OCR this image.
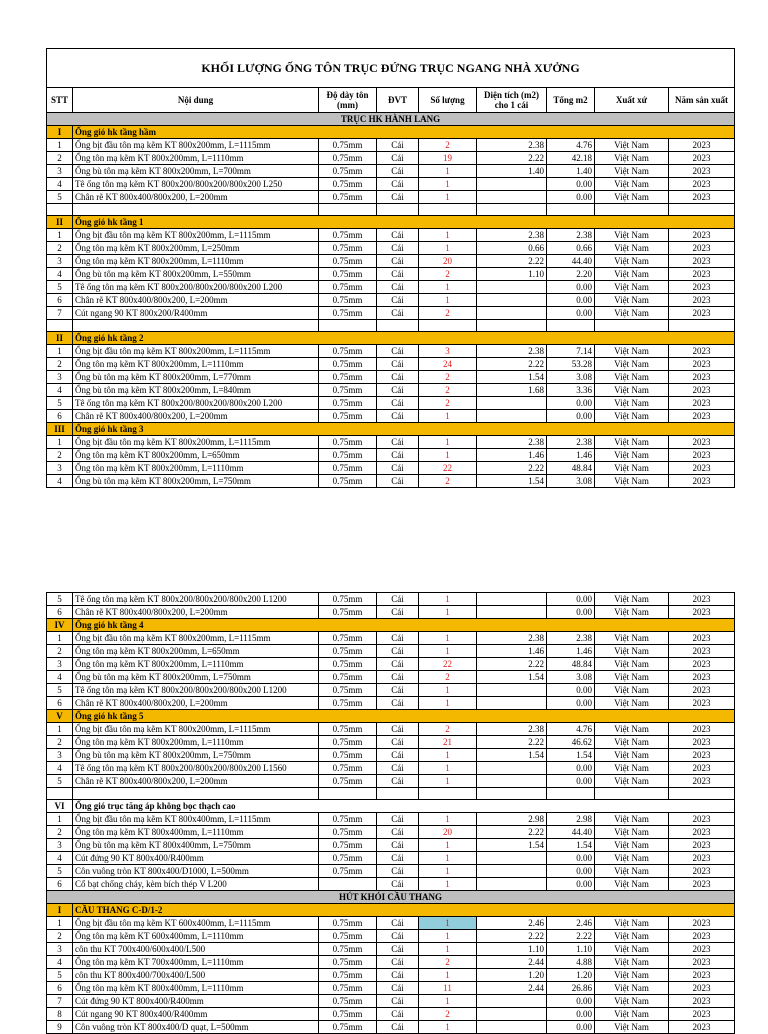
KHỐI LƯỢNG ỐNG TÔN TRỤC ĐỨNG TRỤC NGANG NHÀ XƯỞNG								
STT	Nội dung	Độ dày tôn (mm)	ĐVT	Số lượng	Diện tích (m2) cho 1 cái	Tổng m2	Xuất xứ	Năm sản xuất
TRỤC HK HÀNH LANG								
I	Ống gió hk tầng hầm							
1	Ống bịt đầu tôn mạ kẽm KT 800x200mm, L=1115mm	0.75mm	Cái	2	2.38	4.76	Việt Nam	2023
2	Ống tôn mạ kẽm KT 800x200mm, L=1110mm	0.75mm	Cái	19	2.22	42.18	Việt Nam	2023
3	Ống bù tôn mạ kẽm KT 800x200mm, L=700mm	0.75mm	Cái	1	1.40	1.40	Việt Nam	2023
4	Tê ống tôn mạ kẽm KT 800x200/800x200/800x200 L250	0.75mm	Cái	1		0.00	Việt Nam	2023
5	Chân rẽ KT 800x400/800x200, L=200mm	0.75mm	Cái	1		0.00	Việt Nam	2023

II	Ống gió hk tầng 1							
1	Ống bịt đầu tôn mạ kẽm KT 800x200mm, L=1115mm	0.75mm	Cái	1	2.38	2.38	Việt Nam	2023
2	Ống tôn mạ kẽm KT 800x200mm, L=250mm	0.75mm	Cái	1	0.66	0.66	Việt Nam	2023
3	Ống tôn mạ kẽm KT 800x200mm, L=1110mm	0.75mm	Cái	20	2.22	44.40	Việt Nam	2023
4	Ống bù tôn mạ kẽm KT 800x200mm, L=550mm	0.75mm	Cái	2	1.10	2.20	Việt Nam	2023
5	Tê ống tôn mạ kẽm KT 800x200/800x200/800x200 L200	0.75mm	Cái	1		0.00	Việt Nam	2023
6	Chân rẽ KT 800x400/800x200, L=200mm	0.75mm	Cái	1		0.00	Việt Nam	2023
7	Cút ngang 90 KT 800x200/R400mm	0.75mm	Cái	2		0.00	Việt Nam	2023

II	Ống gió hk tầng 2							
1	Ống bịt đầu tôn mạ kẽm KT 800x200mm, L=1115mm	0.75mm	Cái	3	2.38	7.14	Việt Nam	2023
2	Ống tôn mạ kẽm KT 800x200mm, L=1110mm	0.75mm	Cái	24	2.22	53.28	Việt Nam	2023
3	Ống bù tôn mạ kẽm KT 800x200mm, L=770mm	0.75mm	Cái	2	1.54	3.08	Việt Nam	2023
4	Ống bù tôn mạ kẽm KT 800x200mm, L=840mm	0.75mm	Cái	2	1.68	3.36	Việt Nam	2023
5	Tê ống tôn mạ kẽm KT 800x200/800x200/800x200 L200	0.75mm	Cái	2		0.00	Việt Nam	2023
6	Chân rẽ KT 800x400/800x200, L=200mm	0.75mm	Cái	1		0.00	Việt Nam	2023
III	Ống gió hk tầng 3							
1	Ống bịt đầu tôn mạ kẽm KT 800x200mm, L=1115mm	0.75mm	Cái	1	2.38	2.38	Việt Nam	2023
2	Ống tôn mạ kẽm KT 800x200mm, L=650mm	0.75mm	Cái	1	1.46	1.46	Việt Nam	2023
3	Ống tôn mạ kẽm KT 800x200mm, L=1110mm	0.75mm	Cái	22	2.22	48.84	Việt Nam	2023
4	Ống bù tôn mạ kẽm KT 800x200mm, L=750mm	0.75mm	Cái	2	1.54	3.08	Việt Nam	2023
5	Tê ống tôn mạ kẽm KT 800x200/800x200/800x200 L1200	0.75mm	Cái	1		0.00	Việt Nam	2023
6	Chân rẽ KT 800x400/800x200, L=200mm	0.75mm	Cái	1		0.00	Việt Nam	2023
IV	Ống gió hk tầng 4							
1	Ống bịt đầu tôn mạ kẽm KT 800x200mm, L=1115mm	0.75mm	Cái	1	2.38	2.38	Việt Nam	2023
2	Ống tôn mạ kẽm KT 800x200mm, L=650mm	0.75mm	Cái	1	1.46	1.46	Việt Nam	2023
3	Ống tôn mạ kẽm KT 800x200mm, L=1110mm	0.75mm	Cái	22	2.22	48.84	Việt Nam	2023
4	Ống bù tôn mạ kẽm KT 800x200mm, L=750mm	0.75mm	Cái	2	1.54	3.08	Việt Nam	2023
5	Tê ống tôn mạ kẽm KT 800x200/800x200/800x200 L1200	0.75mm	Cái	1		0.00	Việt Nam	2023
6	Chân rẽ KT 800x400/800x200, L=200mm	0.75mm	Cái	1		0.00	Việt Nam	2023
V	Ống gió hk tầng 5							
1	Ống bịt đầu tôn mạ kẽm KT 800x200mm, L=1115mm	0.75mm	Cái	2	2.38	4.76	Việt Nam	2023
2	Ống tôn mạ kẽm KT 800x200mm, L=1110mm	0.75mm	Cái	21	2.22	46.62	Việt Nam	2023
3	Ống bù tôn mạ kẽm KT 800x200mm, L=750mm	0.75mm	Cái	1	1.54	1.54	Việt Nam	2023
4	Tê ống tôn mạ kẽm KT 800x200/800x200/800x200 L1560	0.75mm	Cái	1		0.00	Việt Nam	2023
5	Chân rẽ KT 800x400/800x200, L=200mm	0.75mm	Cái	1		0.00	Việt Nam	2023

VI	Ống gió trục tăng áp không bọc thạch cao							
1	Ống bịt đầu tôn mạ kẽm KT 800x400mm, L=1115mm	0.75mm	Cái	1	2.98	2.98	Việt Nam	2023
2	Ống tôn mạ kẽm KT 800x400mm, L=1110mm	0.75mm	Cái	20	2.22	44.40	Việt Nam	2023
3	Ống bù tôn mạ kẽm KT 800x400mm, L=750mm	0.75mm	Cái	1	1.54	1.54	Việt Nam	2023
4	Cút đứng 90 KT 800x400/R400mm	0.75mm	Cái	1		0.00	Việt Nam	2023
5	Côn vuông tròn KT 800x400/D1000, L=500mm	0.75mm	Cái	1		0.00	Việt Nam	2023
6	Cổ bạt chống cháy, kèm bích thép V L200		Cái	1		0.00	Việt Nam	2023
HÚT KHÓI CẦU THANG								
I	CẦU THANG C-D/1-2							
1	Ống bịt đầu tôn mạ kẽm KT 600x400mm, L=1115mm	0.75mm	Cái	1	2.46	2.46	Việt Nam	2023
2	Ống tôn mạ kẽm KT 600x400mm, L=1110mm	0.75mm	Cái	1	2.22	2.22	Việt Nam	2023
3	côn thu KT 700x400/600x400/L500	0.75mm	Cái	1	1.10	1.10	Việt Nam	2023
4	Ống tôn mạ kẽm KT 700x400mm, L=1110mm	0.75mm	Cái	2	2.44	4.88	Việt Nam	2023
5	côn thu KT 800x400/700x400/L500	0.75mm	Cái	1	1.20	1.20	Việt Nam	2023
6	Ống tôn mạ kẽm KT 800x400mm, L=1110mm	0.75mm	Cái	11	2.44	26.86	Việt Nam	2023
7	Cút đứng 90 KT 800x400/R400mm	0.75mm	Cái	1		0.00	Việt Nam	2023
8	Cút ngang 90 KT 800x400/R400mm	0.75mm	Cái	2		0.00	Việt Nam	2023
9	Côn vuông tròn KT 800x400/D quạt, L=500mm	0.75mm	Cái	1		0.00	Việt Nam	2023
